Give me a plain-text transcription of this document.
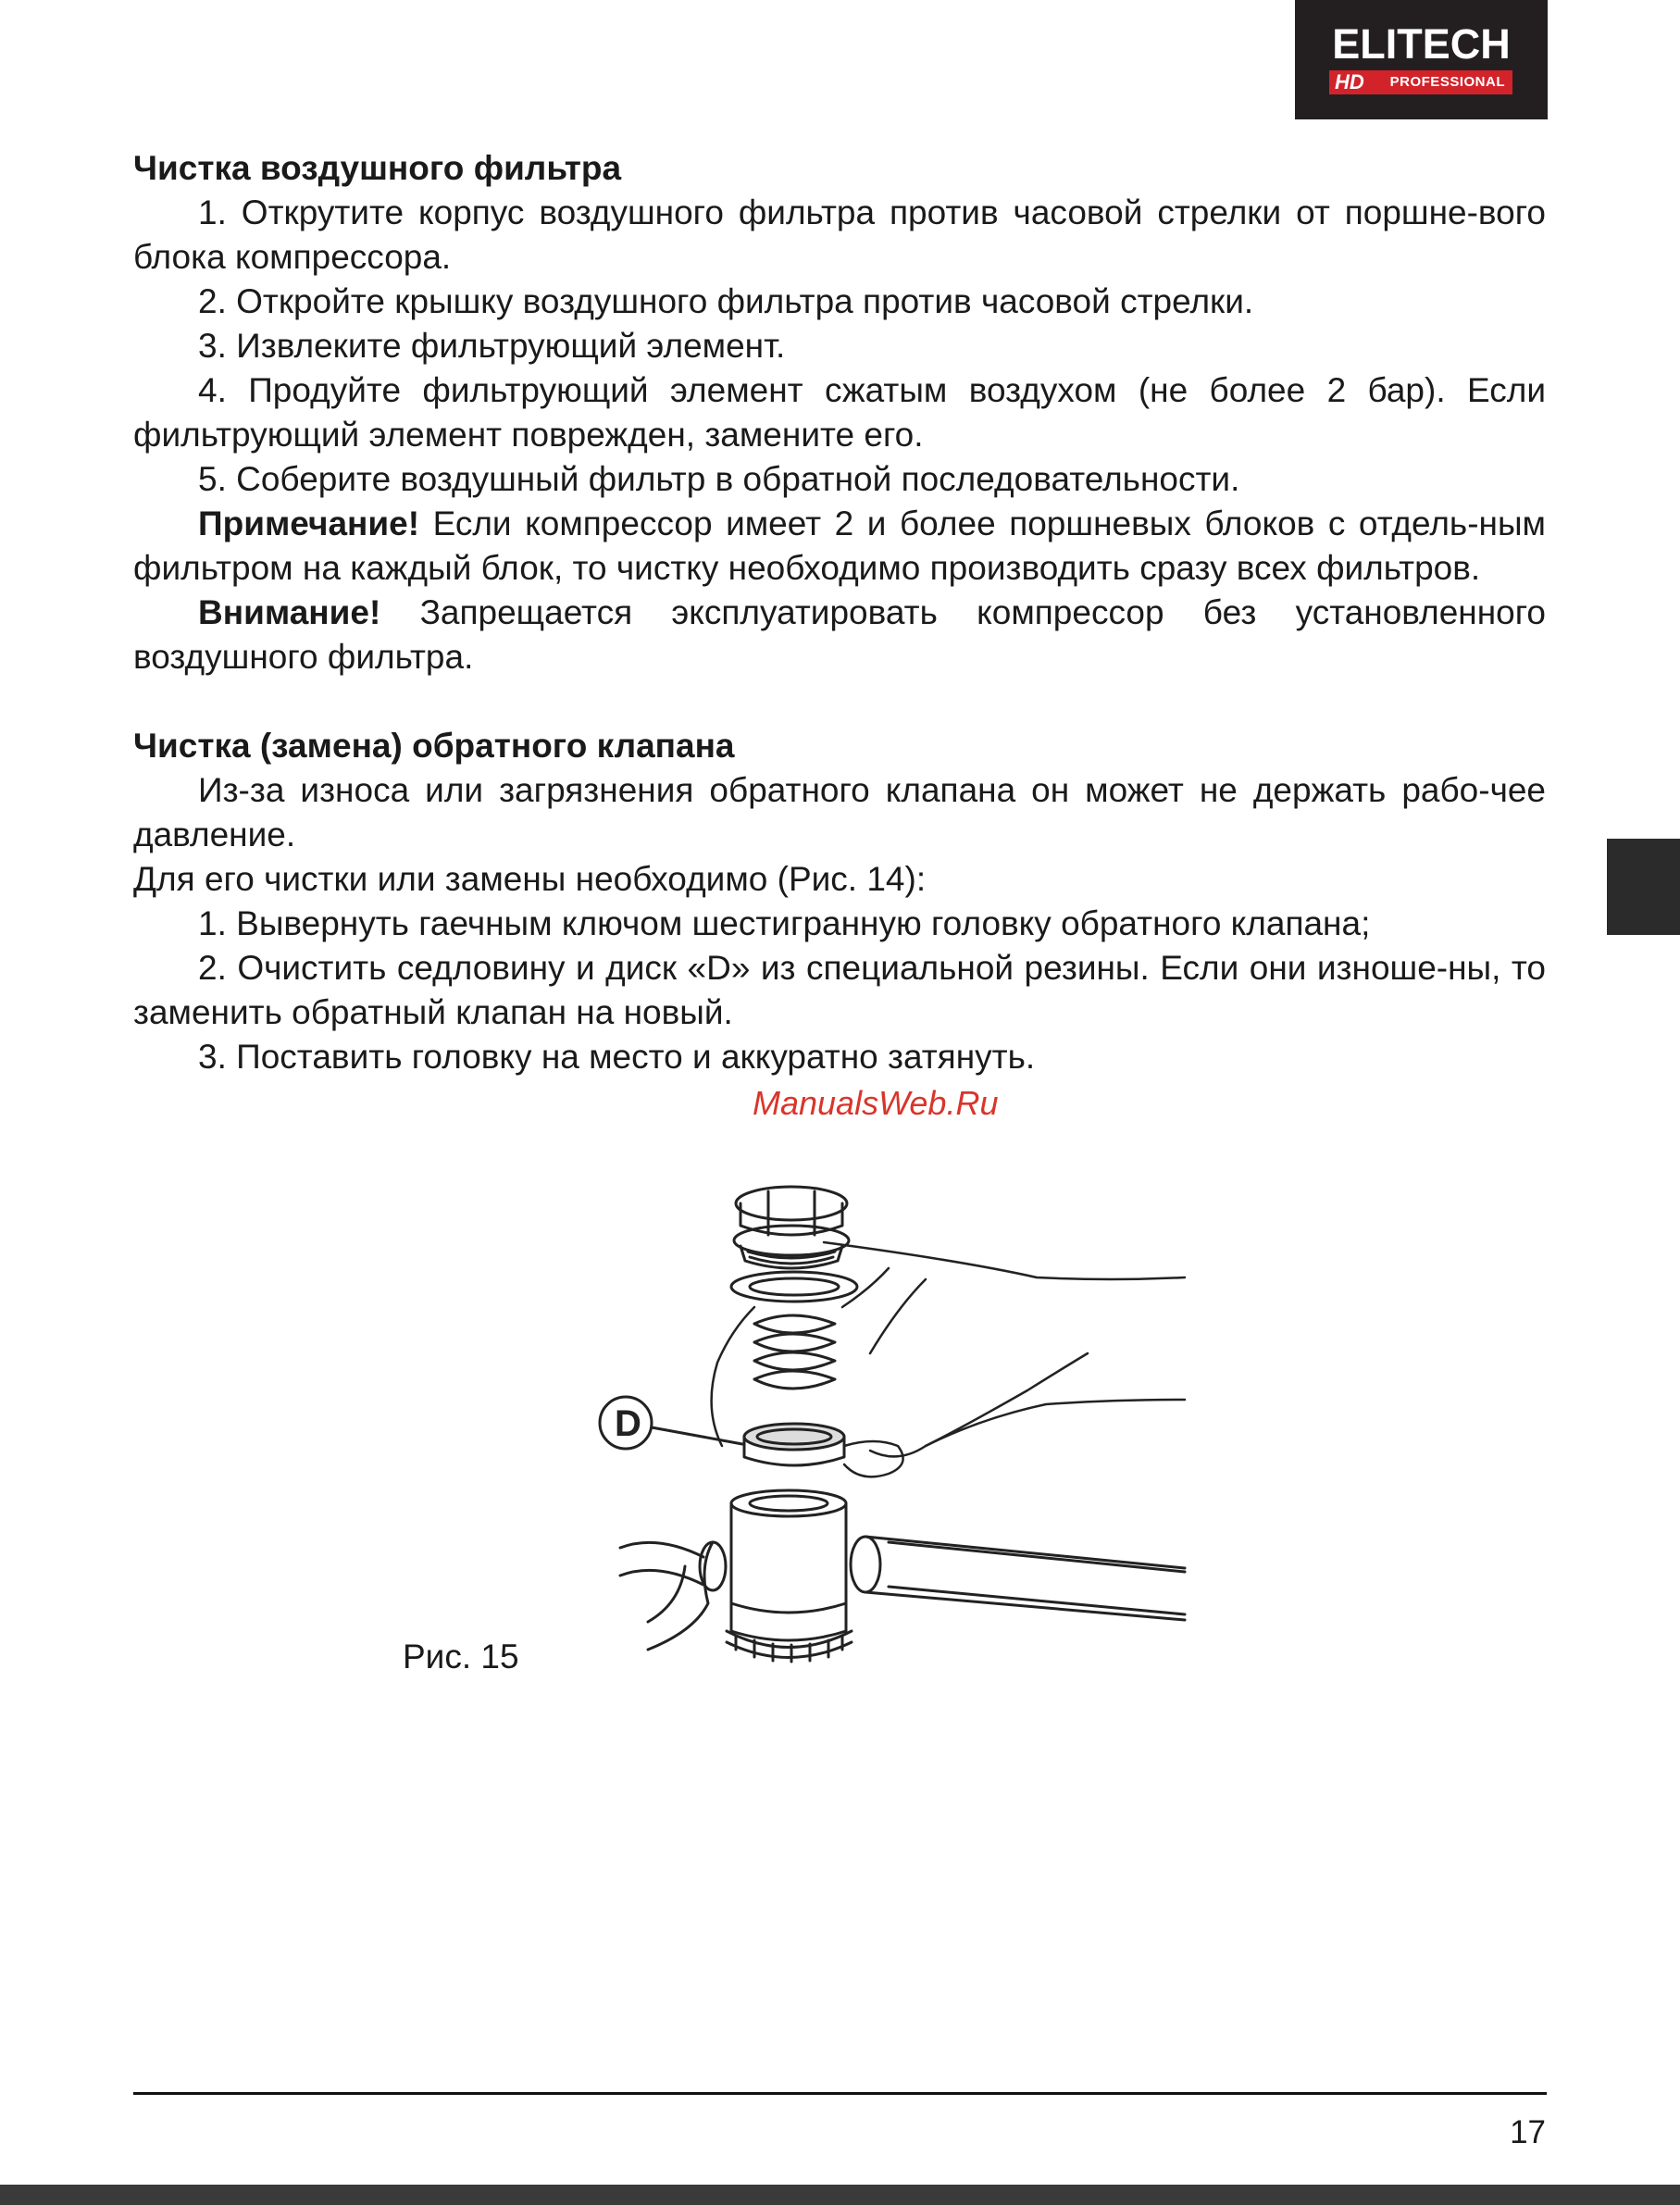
ELITECH
HD PROFESSIONAL

Чистка воздушного фильтра

1. Открутите корпус воздушного фильтра против часовой стрелки от поршне-вого блока компрессора.

2. Откройте крышку воздушного фильтра против часовой стрелки.

3. Извлеките фильтрующий элемент.

4. Продуйте фильтрующий элемент сжатым воздухом (не более 2 бар). Если фильтрующий элемент поврежден, замените его.

5. Соберите воздушный фильтр в обратной последовательности.

Примечание! Если компрессор имеет 2 и более поршневых блоков с отдель-ным фильтром на каждый блок, то чистку необходимо производить сразу всех фильтров.

Внимание! Запрещается эксплуатировать компрессор без установленного воздушного фильтра.

Чистка (замена) обратного клапана

Из-за износа или загрязнения обратного клапана он может не держать рабо-чее давление.

Для его чистки или замены необходимо (Рис. 14):

1. Вывернуть гаечным ключом шестигранную головку обратного клапана;

2. Очистить седловину и диск «D» из специальной резины. Если они изноше-ны, то заменить обратный клапан на новый.

3. Поставить головку на место и аккуратно затянуть.

ManualsWeb.Ru
Рис. 15
D
17
